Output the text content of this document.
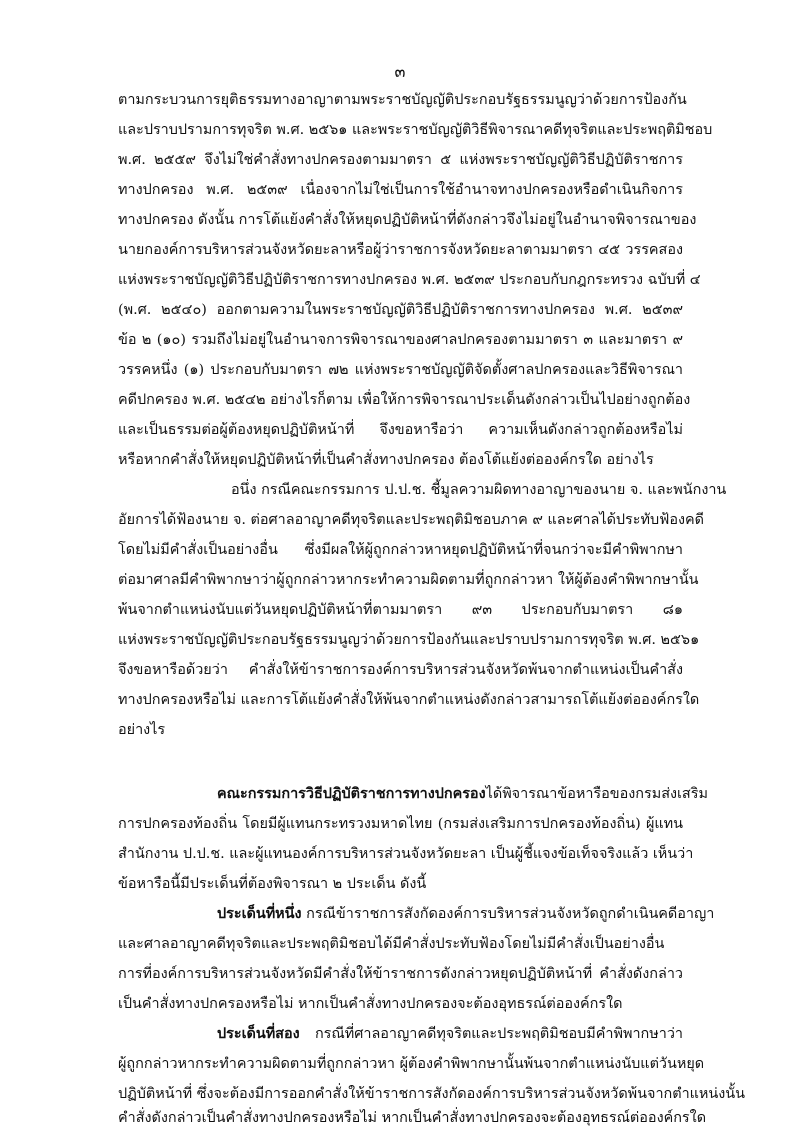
๓
ตามกระบวนการยุติธรรมทางอาญาตามพระราชบัญญัติประกอบรัฐธรรมนูญว่าด้วยการป้องกัน
และปราบปรามการทุจริต พ.ศ. ๒๕๖๑ และพระราชบัญญัติวิธีพิจารณาคดีทุจริตและประพฤติมิชอบ
พ.ศ. ๒๕๕๙ จึงไม่ใช่คำสั่งทางปกครองตามมาตรา ๕ แห่งพระราชบัญญัติวิธีปฏิบัติราชการ
ทางปกครอง พ.ศ. ๒๕๓๙ เนื่องจากไม่ใช่เป็นการใช้อำนาจทางปกครองหรือดำเนินกิจการ
ทางปกครอง ดังนั้น การโต้แย้งคำสั่งให้หยุดปฏิบัติหน้าที่ดังกล่าวจึงไม่อยู่ในอำนาจพิจารณาของ
นายกองค์การบริหารส่วนจังหวัดยะลาหรือผู้ว่าราชการจังหวัดยะลาตามมาตรา ๔๕ วรรคสอง
แห่งพระราชบัญญัติวิธีปฏิบัติราชการทางปกครอง พ.ศ. ๒๕๓๙ ประกอบกับกฎกระทรวง ฉบับที่ ๔
(พ.ศ. ๒๕๔๐) ออกตามความในพระราชบัญญัติวิธีปฏิบัติราชการทางปกครอง พ.ศ. ๒๕๓๙
ข้อ ๒ (๑๐) รวมถึงไม่อยู่ในอำนาจการพิจารณาของศาลปกครองตามมาตรา ๓ และมาตรา ๙
วรรคหนึ่ง (๑) ประกอบกับมาตรา ๗๒ แห่งพระราชบัญญัติจัดตั้งศาลปกครองและวิธีพิจารณา
คดีปกครอง พ.ศ. ๒๕๔๒ อย่างไรก็ตาม เพื่อให้การพิจารณาประเด็นดังกล่าวเป็นไปอย่างถูกต้อง
และเป็นธรรมต่อผู้ต้องหยุดปฏิบัติหน้าที่ จึงขอหารือว่า ความเห็นดังกล่าวถูกต้องหรือไม่
หรือหากคำสั่งให้หยุดปฏิบัติหน้าที่เป็นคำสั่งทางปกครอง ต้องโต้แย้งต่อองค์กรใด อย่างไร
อนึ่ง กรณีคณะกรรมการ ป.ป.ช. ชี้มูลความผิดทางอาญาของนาย จ. และพนักงาน
อัยการได้ฟ้องนาย จ. ต่อศาลอาญาคดีทุจริตและประพฤติมิชอบภาค ๙ และศาลได้ประทับฟ้องคดี
โดยไม่มีคำสั่งเป็นอย่างอื่น ซึ่งมีผลให้ผู้ถูกกล่าวหาหยุดปฏิบัติหน้าที่จนกว่าจะมีคำพิพากษา
ต่อมาศาลมีคำพิพากษาว่าผู้ถูกกล่าวหากระทำความผิดตามที่ถูกกล่าวหา ให้ผู้ต้องคำพิพากษานั้น
พ้นจากตำแหน่งนับแต่วันหยุดปฏิบัติหน้าที่ตามมาตรา ๙๓ ประกอบกับมาตรา ๘๑
แห่งพระราชบัญญัติประกอบรัฐธรรมนูญว่าด้วยการป้องกันและปราบปรามการทุจริต พ.ศ. ๒๕๖๑
จึงขอหารือด้วยว่า คำสั่งให้ข้าราชการองค์การบริหารส่วนจังหวัดพ้นจากตำแหน่งเป็นคำสั่ง
ทางปกครองหรือไม่ และการโต้แย้งคำสั่งให้พ้นจากตำแหน่งดังกล่าวสามารถโต้แย้งต่อองค์กรใด
อย่างไร
คณะกรรมการวิธีปฏิบัติราชการทางปกครองได้พิจารณาข้อหารือของกรมส่งเสริม
การปกครองท้องถิ่น โดยมีผู้แทนกระทรวงมหาดไทย (กรมส่งเสริมการปกครองท้องถิ่น) ผู้แทน
สำนักงาน ป.ป.ช. และผู้แทนองค์การบริหารส่วนจังหวัดยะลา เป็นผู้ชี้แจงข้อเท็จจริงแล้ว เห็นว่า
ข้อหารือนี้มีประเด็นที่ต้องพิจารณา ๒ ประเด็น ดังนี้
ประเด็นที่หนึ่ง กรณีข้าราชการสังกัดองค์การบริหารส่วนจังหวัดถูกดำเนินคดีอาญา
และศาลอาญาคดีทุจริตและประพฤติมิชอบได้มีคำสั่งประทับฟ้องโดยไม่มีคำสั่งเป็นอย่างอื่น
การที่องค์การบริหารส่วนจังหวัดมีคำสั่งให้ข้าราชการดังกล่าวหยุดปฏิบัติหน้าที่ คำสั่งดังกล่าว
เป็นคำสั่งทางปกครองหรือไม่ หากเป็นคำสั่งทางปกครองจะต้องอุทธรณ์ต่อองค์กรใด
ประเด็นที่สอง กรณีที่ศาลอาญาคดีทุจริตและประพฤติมิชอบมีคำพิพากษาว่า
ผู้ถูกกล่าวหากระทำความผิดตามที่ถูกกล่าวหา ผู้ต้องคำพิพากษานั้นพ้นจากตำแหน่งนับแต่วันหยุด
ปฏิบัติหน้าที่ ซึ่งจะต้องมีการออกคำสั่งให้ข้าราชการสังกัดองค์การบริหารส่วนจังหวัดพ้นจากตำแหน่งนั้น
คำสั่งดังกล่าวเป็นคำสั่งทางปกครองหรือไม่ หากเป็นคำสั่งทางปกครองจะต้องอุทธรณ์ต่อองค์กรใด
